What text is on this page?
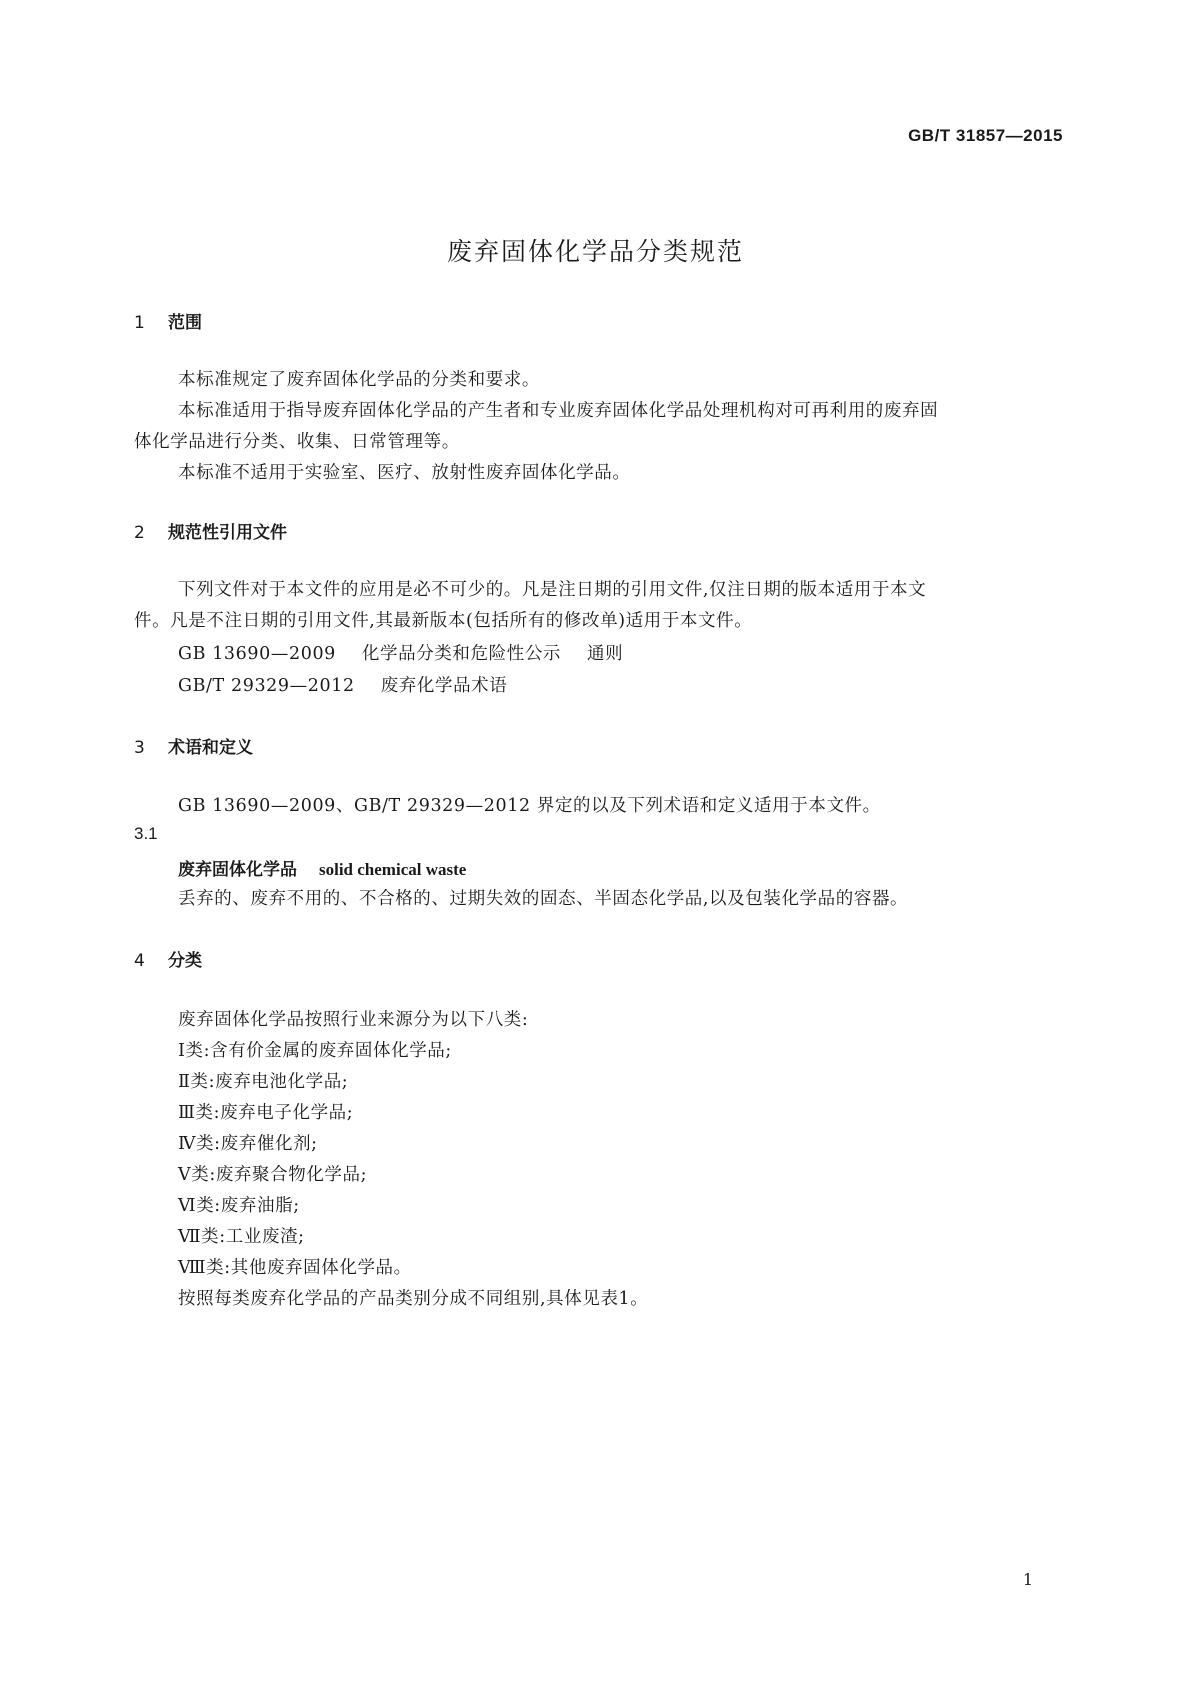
GB/T 31857—2015
废弃固体化学品分类规范
1 范围
本标准规定了废弃固体化学品的分类和要求。
本标准适用于指导废弃固体化学品的产生者和专业废弃固体化学品处理机构对可再利用的废弃固
体化学品进行分类、收集、日常管理等。
本标准不适用于实验室、医疗、放射性废弃固体化学品。
2 规范性引用文件
下列文件对于本文件的应用是必不可少的。凡是注日期的引用文件,仅注日期的版本适用于本文
件。凡是不注日期的引用文件,其最新版本(包括所有的修改单)适用于本文件。
GB 13690—2009 化学品分类和危险性公示 通则
GB/T 29329—2012 废弃化学品术语
3 术语和定义
GB 13690—2009、GB/T 29329—2012 界定的以及下列术语和定义适用于本文件。
3.1
废弃固体化学品 solid chemical waste
丢弃的、废弃不用的、不合格的、过期失效的固态、半固态化学品,以及包装化学品的容器。
4 分类
废弃固体化学品按照行业来源分为以下八类:
Ⅰ类:含有价金属的废弃固体化学品;
Ⅱ类:废弃电池化学品;
Ⅲ类:废弃电子化学品;
Ⅳ类:废弃催化剂;
Ⅴ类:废弃聚合物化学品;
Ⅵ类:废弃油脂;
Ⅶ类:工业废渣;
Ⅷ类:其他废弃固体化学品。
按照每类废弃化学品的产品类别分成不同组别,具体见表1。
1
